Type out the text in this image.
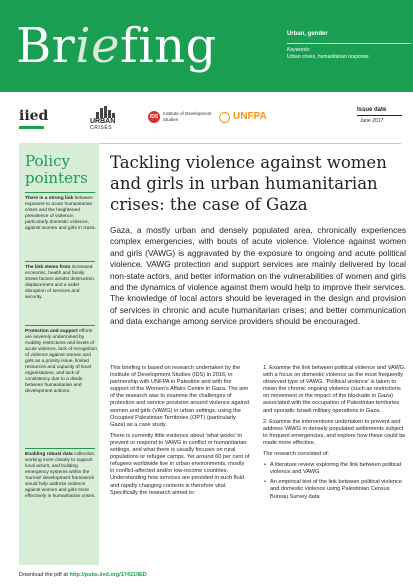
Briefing	Urban, gender
Keywords:
Urban crises, humanitarian response
iied	URBAN
CRISES
IDS
Institute of Development Studies	UNFPA
Issue date
June 2017
Policy pointers
There is a strong link between exposure to acute humanitarian crises and the heightened prevalence of violence, particularly domestic violence, against women and girls in Gaza.
The link stems from increased economic, health and family stress factors amidst destruction, displacement and a wider disruption of services and security.
Protection and support efforts are severely undermined by mobility restrictions and levels of acute violence, lack of recognition of violence against women and girls as a priority issue, limited resources and capacity of local organisations, and lack of consistency due to a divide between humanitarian and development actions.
Enabling robust data collection, working more closely to support local actors, and building emergency systems within the 'normal' development framework would help address violence against women and girls more effectively in humanitarian crises.
Tackling violence against women and girls in urban humanitarian crises: the case of Gaza
Gaza, a mostly urban and densely populated area, chronically experiences complex emergencies, with bouts of acute violence. Violence against women and girls (VAWG) is aggravated by the exposure to ongoing and acute political violence. VAWG protection and support services are mainly delivered by local non-state actors, and better information on the vulnerabilities of women and girls and the dynamics of violence against them would help to improve their services. The knowledge of local actors should be leveraged in the design and provision of services in chronic and acute humanitarian crises; and better communication and data exchange among service providers should be encouraged.

This briefing is based on research undertaken by the Institute of Development Studies (IDS) in 2016, in partnership with UNFPA in Palestine and with the support of the Women's Affairs Centre in Gaza. The aim of the research was to examine the challenges of protection and service provision around violence against women and girls (VAWG) in urban settings, using the Occupied Palestinian Territories (OPT) (particularly Gaza) as a case study.

There is currently little evidence about 'what works' to prevent or respond to VAWG in conflict or humanitarian settings, and what there is usually focuses on rural populations or refugee camps. Yet around 60 per cent of refugees worldwide live in urban environments, mostly in conflict-affected and/or low-income countries. Understanding how services are provided in such fluid and rapidly changing contexts is therefore vital. Specifically the research aimed to:

1. Examine the link between political violence and VAWG, with a focus on domestic violence as the most frequently observed type of VAWG. 'Political violence' is taken to mean the chronic ongoing violence (such as restrictions on movement or the impact of the blockade in Gaza) associated with the occupation of Palestinian territories and sporadic Israeli military operations in Gaza.

2. Examine the interventions undertaken to prevent and address VAWG in densely populated settlements subject to frequent emergencies, and explore how these could be made more effective.

The research consisted of:

• A literature review exploring the link between political violence and VAWG
• An empirical test of the link between political violence and domestic violence using Palestinian Census Bureau Survey data
Download the pdf at http://pubs.iied.org/17421IIED
